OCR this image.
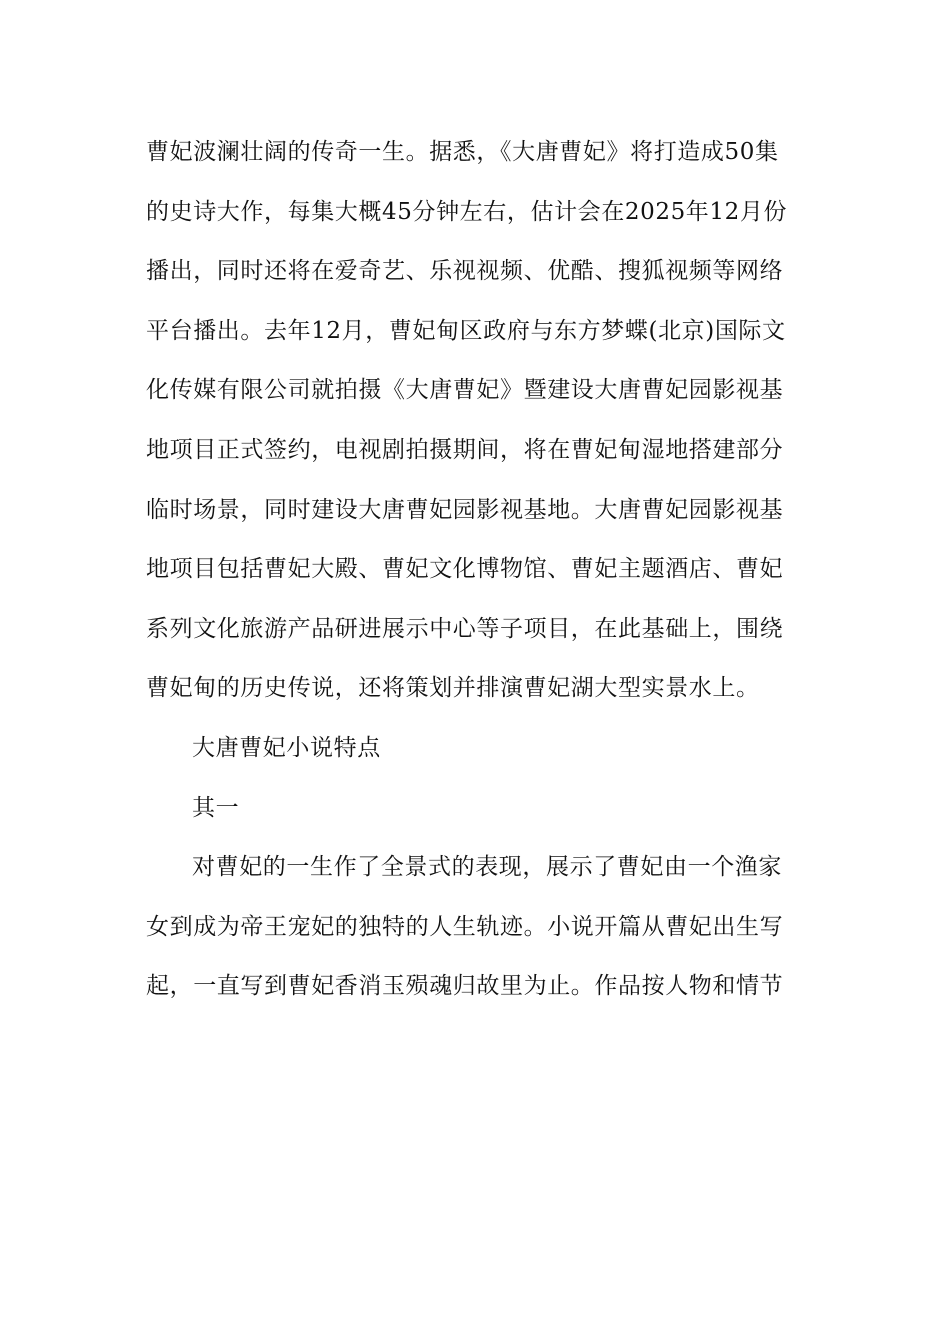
曹妃波澜壮阔的传奇一生。据悉，《大唐曹妃》将打造成50集
的史诗大作，每集大概45分钟左右，估计会在2025年12月份
播出，同时还将在爱奇艺、乐视视频、优酷、搜狐视频等网络
平台播出。去年12月，曹妃甸区政府与东方梦蝶(北京)国际文
化传媒有限公司就拍摄《大唐曹妃》暨建设大唐曹妃园影视基
地项目正式签约，电视剧拍摄期间，将在曹妃甸湿地搭建部分
临时场景，同时建设大唐曹妃园影视基地。大唐曹妃园影视基
地项目包括曹妃大殿、曹妃文化博物馆、曹妃主题酒店、曹妃
系列文化旅游产品研进展示中心等子项目，在此基础上，围绕
曹妃甸的历史传说，还将策划并排演曹妃湖大型实景水上。
大唐曹妃小说特点
其一
对曹妃的一生作了全景式的表现，展示了曹妃由一个渔家
女到成为帝王宠妃的独特的人生轨迹。小说开篇从曹妃出生写
起，一直写到曹妃香消玉殒魂归故里为止。作品按人物和情节
